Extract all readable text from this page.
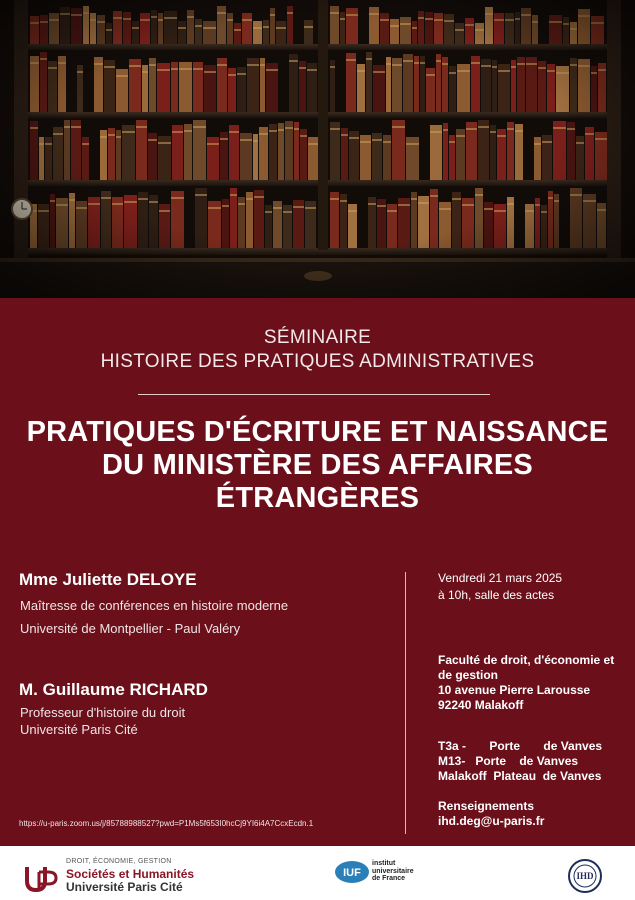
SÉMINAIRE
HISTOIRE DES PRATIQUES ADMINISTRATIVES
PRATIQUES D'ÉCRITURE ET NAISSANCE
DU MINISTÈRE DES AFFAIRES
ÉTRANGÈRES
Mme Juliette DELOYE
Maîtresse de conférences en histoire moderne
Université de Montpellier - Paul Valéry
M. Guillaume RICHARD
Professeur d'histoire du droit
Université Paris Cité
Vendredi 21 mars 2025
à 10h, salle des actes
Faculté de droit, d'économie et
de gestion
10 avenue Pierre Larousse
92240 Malakoff
T3a -       Porte       de Vanves
M13-   Porte    de Vanves
Malakoff  Plateau  de Vanves
Renseignements
ihd.deg@u-paris.fr
https://u-paris.zoom.us/j/85788988527?pwd=P1Ms5f653I0hcCj9YI6i4A7CcxEcdn.1
DROIT, ÉCONOMIE, GESTION
Sociétés et Humanités
Université Paris Cité
IUF
institut
universitaire
de France	IHD
